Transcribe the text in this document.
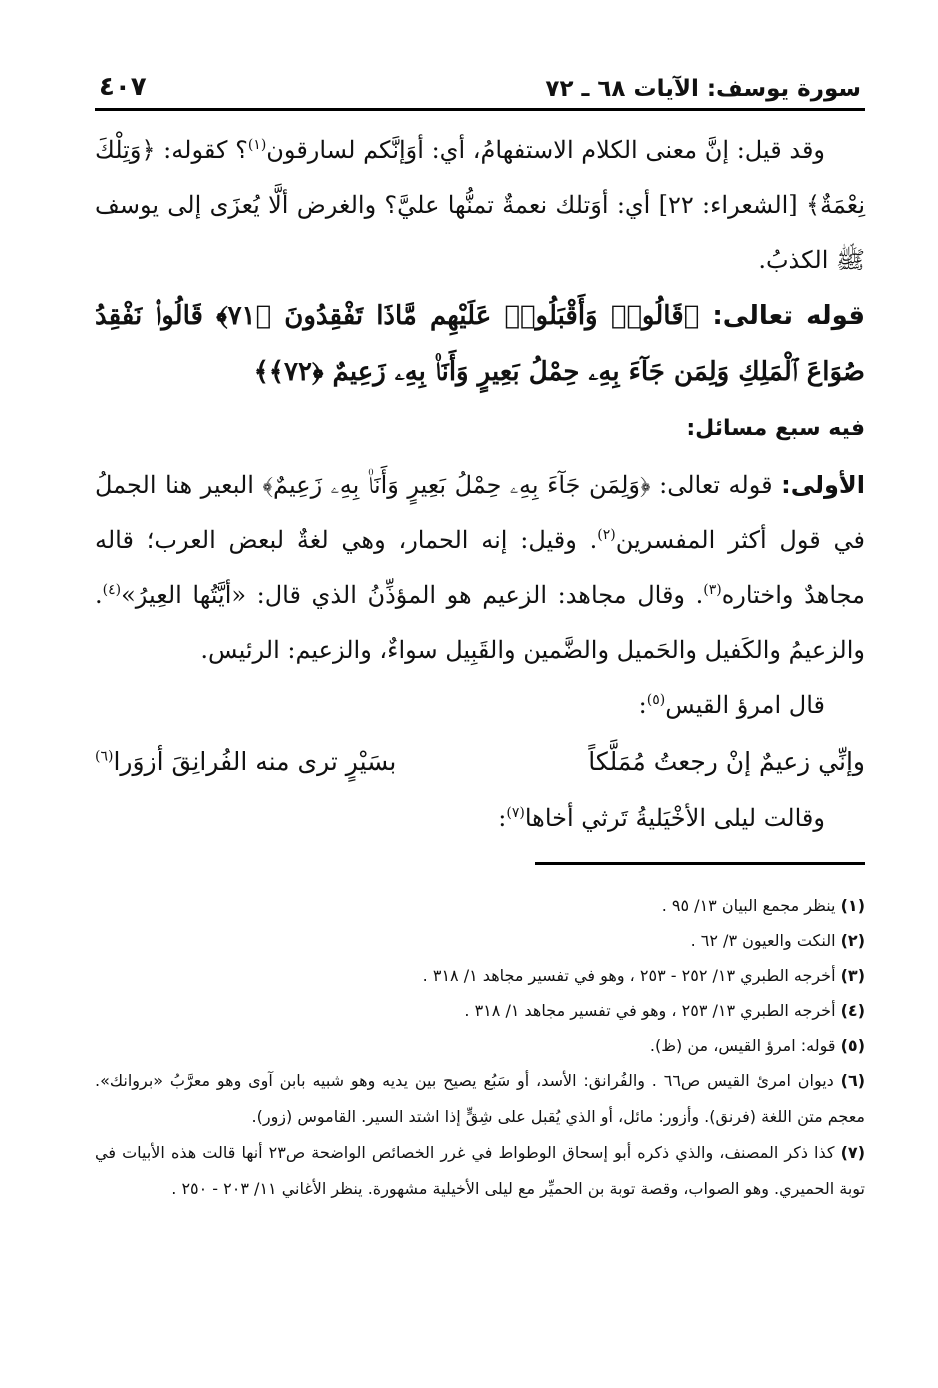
سورة يوسف: الآيات ٦٨ ـ ٧٢
٤٠٧

وقد قيل: إنَّ معنى الكلام الاستفهامُ، أي: أوَإنَّكم لسارقون$^{(١)}$؟ كقوله: ﴿وَتِلْكَ نِعْمَةٌ﴾ [الشعراء: ٢٢] أي: أوَتلك نعمةٌ تمنُّها عليَّ؟ والغرض ألَّا يُعزَى إلى يوسف ﷺ الكذبُ.

قوله تعالى: ﴿قَالُوا۟ وَأَقْبَلُوا۟ عَلَيْهِم مَّاذَا تَفْقِدُونَ ﴿٧١﴾ قَالُوا۟ نَفْقِدُ صُوَاعَ ٱلْمَلِكِ وَلِمَن جَآءَ بِهِۦ حِمْلُ بَعِيرٍ وَأَنَا۠ بِهِۦ زَعِيمٌ ﴿٧٢﴾﴾

فيه سبع مسائل:

الأولى: قوله تعالى: ﴿وَلِمَن جَآءَ بِهِۦ حِمْلُ بَعِيرٍ وَأَنَا۠ بِهِۦ زَعِيمٌ﴾ البعير هنا الجملُ في قول أكثر المفسرين$^{(٢)}$. وقيل: إنه الحمار، وهي لغةٌ لبعض العرب؛ قاله مجاهدٌ واختاره$^{(٣)}$. وقال مجاهد: الزعيم هو المؤذِّنُ الذي قال: «أيَّتُها العِيرُ»$^{(٤)}$. والزعيمُ والكَفيل والحَميل والضَّمين والقَبِيل سواءٌ، والزعيم: الرئيس.

قال امرؤ القيس$^{(٥)}$:

وإنِّي زعيمٌ إنْ رجعتُ مُمَلَّكاً
بسَيْرٍ ترى منه الفُرانِقَ أزوَرا$^{(٦)}$

وقالت ليلى الأخْيَليةُ تَرثي أخاها$^{(٧)}$:

(١) ينظر مجمع البيان ١٣/ ٩٥ .

(٢) النكت والعيون ٣/ ٦٢ .

(٣) أخرجه الطبري ١٣/ ٢٥٢ - ٢٥٣ ، وهو في تفسير مجاهد ١/ ٣١٨ .

(٤) أخرجه الطبري ١٣/ ٢٥٣ ، وهو في تفسير مجاهد ١/ ٣١٨ .

(٥) قوله: امرؤ القيس، من (ظ).

(٦) ديوان امرئ القيس ص٦٦ . والفُرانق: الأسد، أو سَبُع يصيح بين يديه وهو شبيه بابن آوى وهو معرَّبُ «بروانك». معجم متن اللغة (فرنق). وأزور: مائل، أو الذي يُقبل على شِقٍّ إذا اشتد السير. القاموس (زور).

(٧) كذا ذكر المصنف، والذي ذكره أبو إسحاق الوطواط في غرر الخصائص الواضحة ص٢٣ أنها قالت هذه الأبيات في توبة الحميري. وهو الصواب، وقصة توبة بن الحميِّر مع ليلى الأخيلية مشهورة. ينظر الأغاني ١١/ ٢٠٣ - ٢٥٠ .
